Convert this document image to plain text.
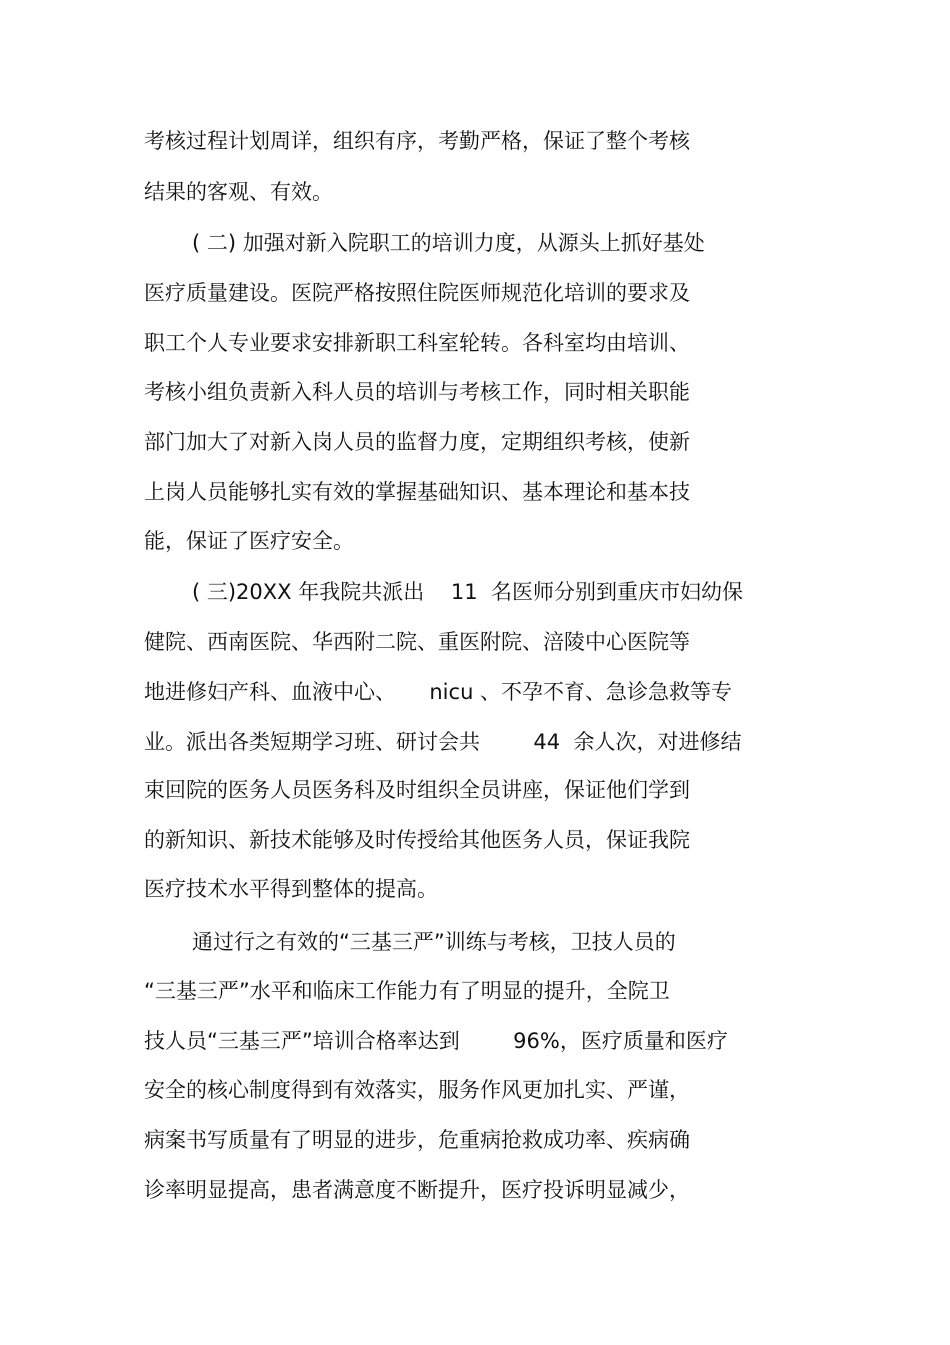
考核过程计划周详，组织有序，考勤严格，保证了整个考核
结果的客观、有效。
( 二) 加强对新入院职工的培训力度，从源头上抓好基处
医疗质量建设。医院严格按照住院医师规范化培训的要求及
职工个人专业要求安排新职工科室轮转。各科室均由培训、
考核小组负责新入科人员的培训与考核工作，同时相关职能
部门加大了对新入岗人员的监督力度，定期组织考核，使新
上岗人员能够扎实有效的掌握基础知识、基本理论和基本技
能，保证了医疗安全。
( 三)20XX 年我院共派出    11  名医师分别到重庆市妇幼保
健院、西南医院、华西附二院、重医附院、涪陵中心医院等
地进修妇产科、血液中心、     nicu 、不孕不育、急诊急救等专
业。派出各类短期学习班、研讨会共        44  余人次，对进修结
束回院的医务人员医务科及时组织全员讲座，保证他们学到
的新知识、新技术能够及时传授给其他医务人员，保证我院
医疗技术水平得到整体的提高。
通过行之有效的“三基三严”训练与考核，卫技人员的
“三基三严”水平和临床工作能力有了明显的提升，全院卫
技人员“三基三严”培训合格率达到        96%，医疗质量和医疗
安全的核心制度得到有效落实，服务作风更加扎实、严谨，
病案书写质量有了明显的进步，危重病抢救成功率、疾病确
诊率明显提高，患者满意度不断提升，医疗投诉明显减少，
